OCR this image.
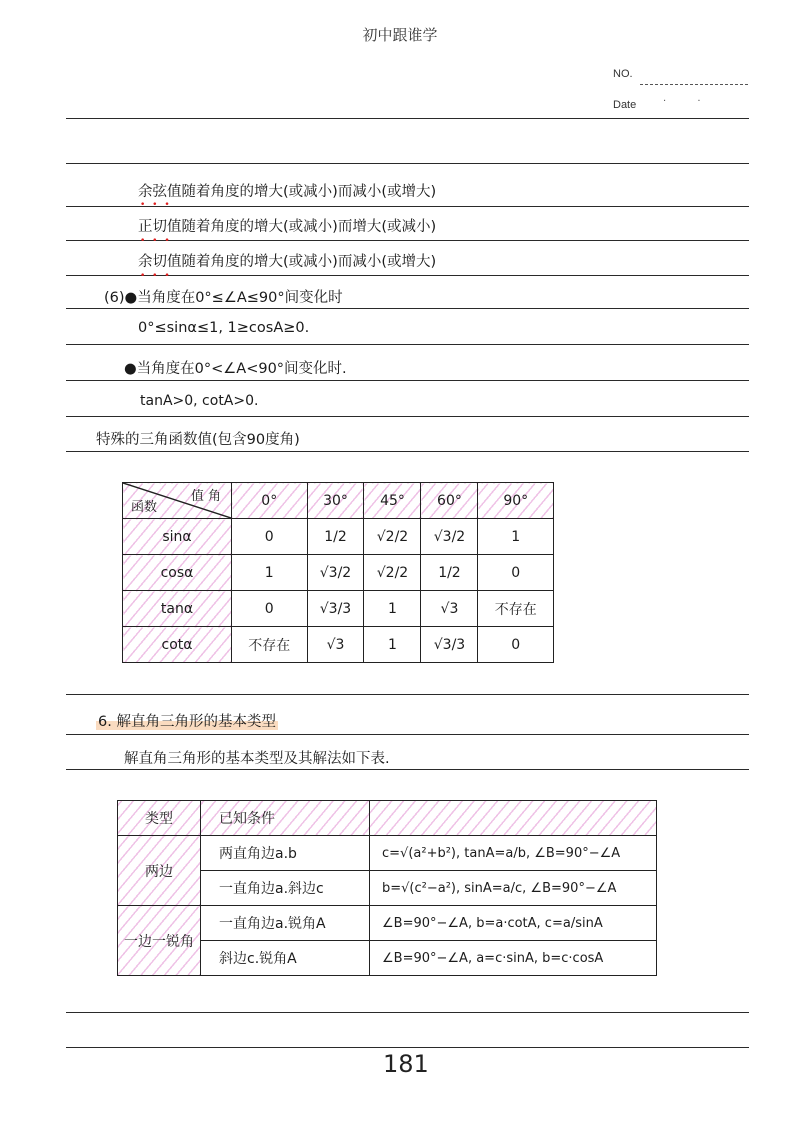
初中跟谁学
NO.
Date	· ·
余弦值随着角度的增大(或减小)而减小(或增大)
• • •
正切值随着角度的增大(或减小)而增大(或减小)
• • •
余切值随着角度的增大(或减小)而减小(或增大)
• • •
(6)●当角度在0°≤∠A≤90°间变化时
0°≤sinα≤1, 1≥cosA≥0.
●当角度在0°<∠A<90°间变化时.
tanA>0, cotA>0.
特殊的三角函数值(包含90度角)
值 角
函数	0°	30°	45°	60°	90°
sinα	0	1/2	√2/2	√3/2	1
cosα	1	√3/2	√2/2	1/2	0
tanα	0	√3/3	1	√3	不存在
cotα	不存在	√3	1	√3/3	0
6. 解直角三角形的基本类型
解直角三角形的基本类型及其解法如下表.
类型	已知条件	
两边	两直角边a.b	c=√(a²+b²), tanA=a/b, ∠B=90°−∠A
	一直角边a.斜边c	b=√(c²−a²), sinA=a/c, ∠B=90°−∠A
一边一锐角	一直角边a.锐角A	∠B=90°−∠A, b=a·cotA, c=a/sinA
	斜边c.锐角A	∠B=90°−∠A, a=c·sinA, b=c·cosA
181
